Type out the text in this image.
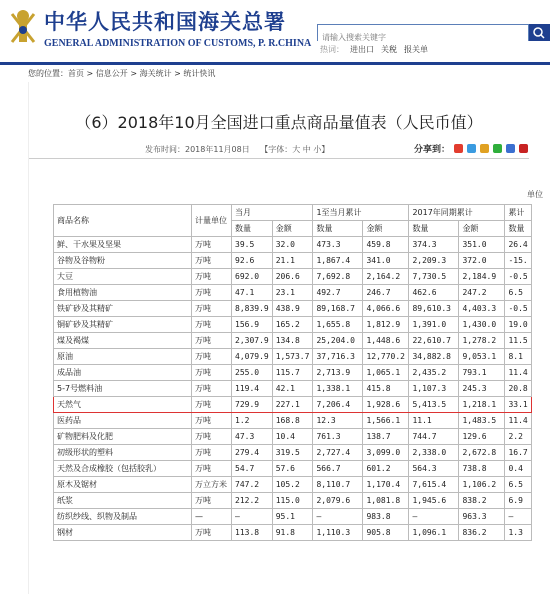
中华人民共和国海关总署
GENERAL ADMINISTRATION OF CUSTOMS, P. R.CHINA
请输入搜索关键字
热词： 进出口 关税 报关单
您的位置：首页 > 信息公开 > 海关统计 > 统计快讯
（6）2018年10月全国进口重点商品量值表（人民币值）
发布时间：2018年11月08日 【字体：大 中 小】	分享到：
单位
商品名称	计量单位	当月		1至当月累计		2017年同期累计		累计
		数量	金额	数量	金额	数量	金额	数量
鲜、干水果及坚果	万吨	39.5	32.0	473.3	459.8	374.3	351.0	26.4
谷物及谷物粉	万吨	92.6	21.1	1,867.4	341.0	2,209.3	372.0	-15.
大豆	万吨	692.0	206.6	7,692.8	2,164.2	7,730.5	2,184.9	-0.5
食用植物油	万吨	47.1	23.1	492.7	246.7	462.6	247.2	6.5
铁矿砂及其精矿	万吨	8,839.9	438.9	89,168.7	4,066.6	89,610.3	4,403.3	-0.5
铜矿砂及其精矿	万吨	156.9	165.2	1,655.8	1,812.9	1,391.0	1,430.0	19.0
煤及褐煤	万吨	2,307.9	134.8	25,204.0	1,448.6	22,610.7	1,278.2	11.5
原油	万吨	4,079.9	1,573.7	37,716.3	12,770.2	34,882.8	9,053.1	8.1
成品油	万吨	255.0	115.7	2,713.9	1,065.1	2,435.2	793.1	11.4
5-7号燃料油	万吨	119.4	42.1	1,338.1	415.8	1,107.3	245.3	20.8
天然气	万吨	729.9	227.1	7,206.4	1,928.6	5,413.5	1,218.1	33.1
医药品	万吨	1.2	168.8	12.3	1,566.1	11.1	1,483.5	11.4
矿物肥料及化肥	万吨	47.3	10.4	761.3	138.7	744.7	129.6	2.2
初级形状的塑料	万吨	279.4	319.5	2,727.4	3,099.0	2,338.0	2,672.8	16.7
天然及合成橡胶（包括胶乳）	万吨	54.7	57.6	566.7	601.2	564.3	738.8	0.4
原木及锯材	万立方米	747.2	105.2	8,110.7	1,170.4	7,615.4	1,106.2	6.5
纸浆	万吨	212.2	115.0	2,079.6	1,081.8	1,945.6	838.2	6.9
纺织纱线、织物及制品	—	—	95.1	—	983.8	—	963.3	—
钢材	万吨	113.8	91.8	1,110.3	905.8	1,096.1	836.2	1.3
